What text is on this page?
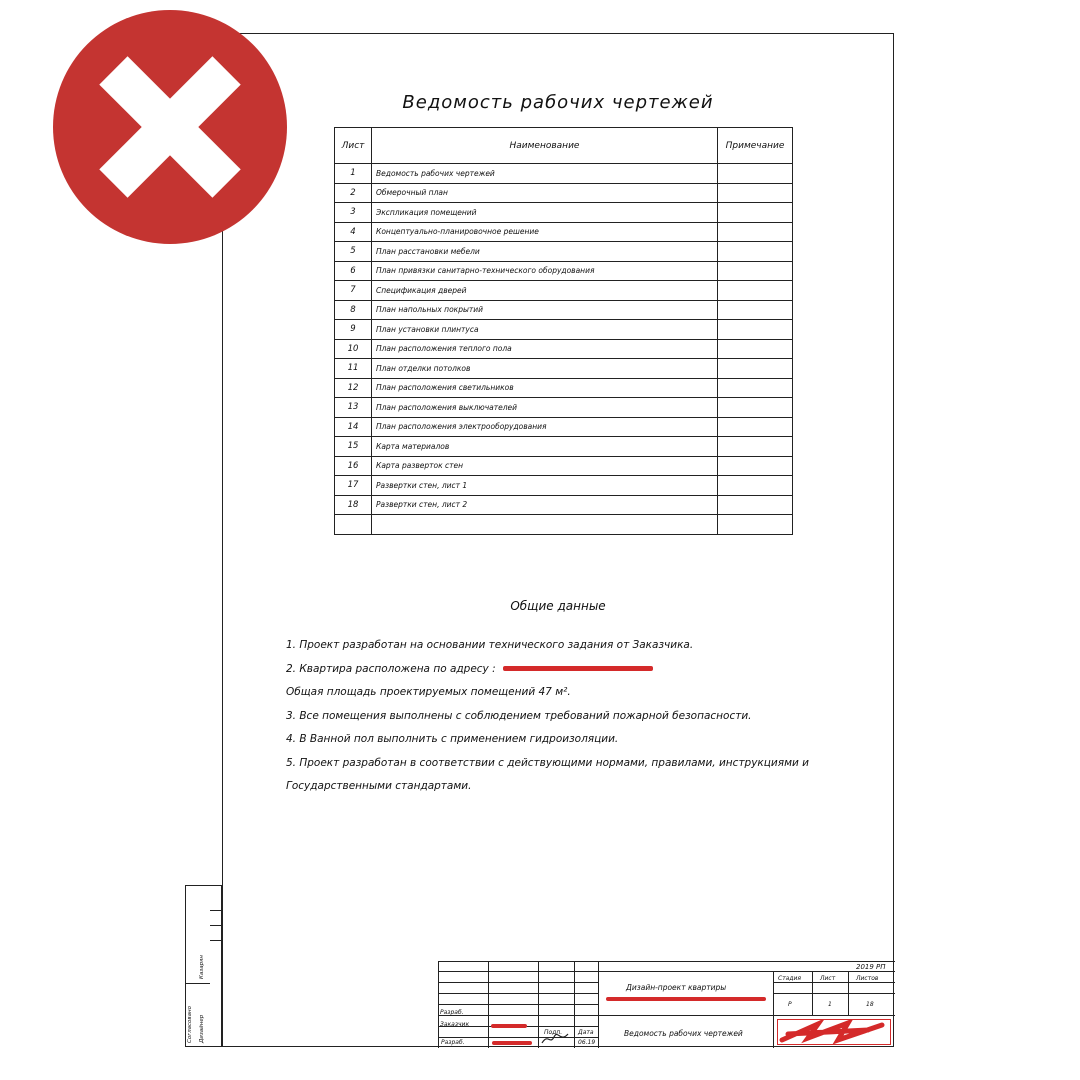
Ведомость рабочих чертежей
Лист	Наименование	Примечание
1	Ведомость рабочих чертежей	
2	Обмерочный план	
3	Экспликация помещений	
4	Концептуально-планировочное решение	
5	План расстановки мебели	
6	План привязки санитарно-технического оборудования	
7	Спецификация дверей	
8	План напольных покрытий	
9	План установки плинтуса	
10	План расположения теплого пола	
11	План отделки потолков	
12	План расположения светильников	
13	План расположения выключателей	
14	План расположения электрооборудования	
15	Карта материалов	
16	Карта разверток стен	
17	Развертки стен, лист 1	
18	Развертки стен, лист 2	

Общие данные
1. Проект разработан на основании технического задания от Заказчика.
2. Квартира расположена по адресу :
Общая площадь проектируемых помещений 47 м².
3. Все помещения выполнены с соблюдением требований пожарной безопасности.
4. В Ванной пол выполнить с применением гидроизоляции.
5. Проект разработан в соответствии с действующими нормами, правилами, инструкциями и Государственными стандартами.
2019 РП
Дизайн-проект квартиры
Ведомость рабочих чертежей
Стадия	Лист	Листов
Р	1	18
Подп.	Дата
Разраб.	06.19
Разраб.
Заказчик
Согласовано Дизайнер
Казарян
